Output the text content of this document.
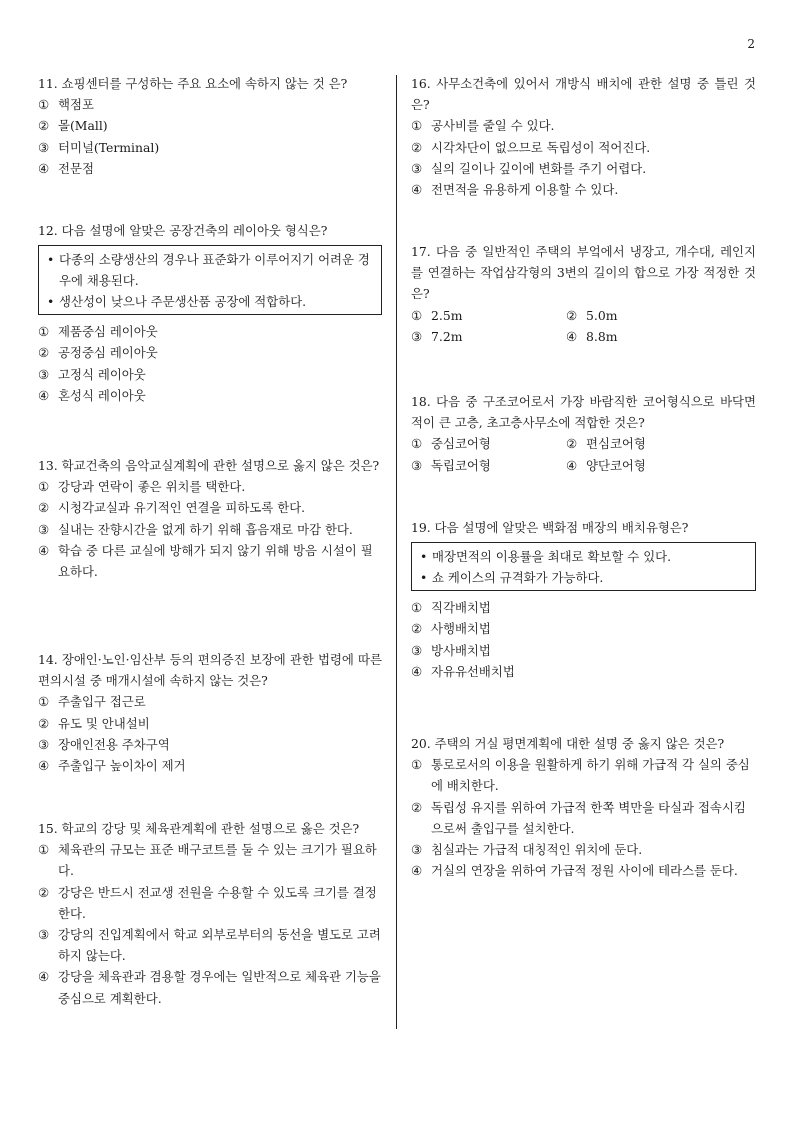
2
11. 쇼핑센터를 구성하는 주요 요소에 속하지 않는 것 은?
① 핵점포
② 몰(Mall)
③ 터미널(Terminal)
④ 전문점
12. 다음 설명에 알맞은 공장건축의 레이아웃 형식은?
• 다종의 소량생산의 경우나 표준화가 이루어지기 어려운 경우에 채용된다.
• 생산성이 낮으나 주문생산품 공장에 적합하다.
① 제품중심 레이아웃
② 공정중심 레이아웃
③ 고정식 레이아웃
④ 혼성식 레이아웃
13. 학교건축의 음악교실계획에 관한 설명으로 옳지 않은 것은?
① 강당과 연락이 좋은 위치를 택한다.
② 시청각교실과 유기적인 연결을 피하도록 한다.
③ 실내는 잔향시간을 없게 하기 위해 흡음재로 마감 한다.
④ 학습 중 다른 교실에 방해가 되지 않기 위해 방음 시설이 필요하다.
14. 장애인·노인·임산부 등의 편의증진 보장에 관한 법령에 따른 편의시설 중 매개시설에 속하지 않는 것은?
① 주출입구 접근로
② 유도 및 안내설비
③ 장애인전용 주차구역
④ 주출입구 높이차이 제거
15. 학교의 강당 및 체육관계획에 관한 설명으로 옳은 것은?
① 체육관의 규모는 표준 배구코트를 둘 수 있는 크기가 필요하다.
② 강당은 반드시 전교생 전원을 수용할 수 있도록 크기를 결정한다.
③ 강당의 진입계획에서 학교 외부로부터의 동선을 별도로 고려하지 않는다.
④ 강당을 체육관과 겸용할 경우에는 일반적으로 체육관 기능을 중심으로 계획한다.
16. 사무소건축에 있어서 개방식 배치에 관한 설명 중 틀린 것은?
① 공사비를 줄일 수 있다.
② 시각차단이 없으므로 독립성이 적어진다.
③ 실의 길이나 깊이에 변화를 주기 어렵다.
④ 전면적을 유용하게 이용할 수 있다.
17. 다음 중 일반적인 주택의 부엌에서 냉장고, 개수대, 레인지를 연결하는 작업삼각형의 3변의 길이의 합으로 가장 적정한 것은?
① 2.5m	② 5.0m
③ 7.2m	④ 8.8m
18. 다음 중 구조코어로서 가장 바람직한 코어형식으로 바닥면적이 큰 고층, 초고층사무소에 적합한 것은?
① 중심코어형	② 편심코어형
③ 독립코어형	④ 양단코어형
19. 다음 설명에 알맞은 백화점 매장의 배치유형은?
• 매장면적의 이용률을 최대로 확보할 수 있다.
• 쇼 케이스의 규격화가 가능하다.
① 직각배치법
② 사행배치법
③ 방사배치법
④ 자유유선배치법
20. 주택의 거실 평면계획에 대한 설명 중 옳지 않은 것은?
① 통로로서의 이용을 원활하게 하기 위해 가급적 각 실의 중심에 배치한다.
② 독립성 유지를 위하여 가급적 한쪽 벽만을 타실과 접속시킴으로써 출입구를 설치한다.
③ 침실과는 가급적 대칭적인 위치에 둔다.
④ 거실의 연장을 위하여 가급적 정원 사이에 테라스를 둔다.
